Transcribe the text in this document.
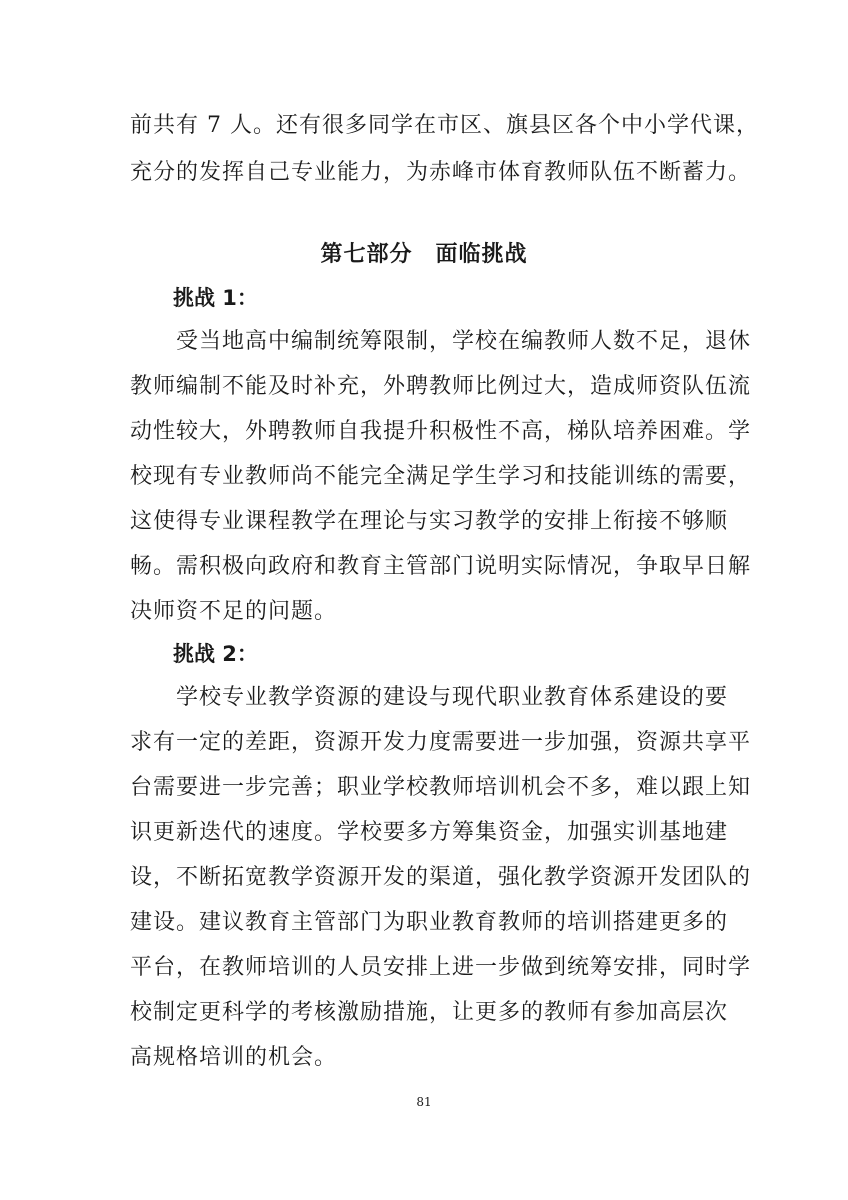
前共有 7 人。还有很多同学在市区、旗县区各个中小学代课，
充分的发挥自己专业能力，为赤峰市体育教师队伍不断蓄力。
第七部分　面临挑战
挑战 1：
　　受当地高中编制统筹限制，学校在编教师人数不足，退休
教师编制不能及时补充，外聘教师比例过大，造成师资队伍流
动性较大，外聘教师自我提升积极性不高，梯队培养困难。学
校现有专业教师尚不能完全满足学生学习和技能训练的需要，
这使得专业课程教学在理论与实习教学的安排上衔接不够顺
畅。需积极向政府和教育主管部门说明实际情况，争取早日解
决师资不足的问题。
挑战 2：
　　学校专业教学资源的建设与现代职业教育体系建设的要
求有一定的差距，资源开发力度需要进一步加强，资源共享平
台需要进一步完善；职业学校教师培训机会不多，难以跟上知
识更新迭代的速度。学校要多方筹集资金，加强实训基地建
设，不断拓宽教学资源开发的渠道，强化教学资源开发团队的
建设。建议教育主管部门为职业教育教师的培训搭建更多的
平台，在教师培训的人员安排上进一步做到统筹安排，同时学
校制定更科学的考核激励措施，让更多的教师有参加高层次
高规格培训的机会。
81
